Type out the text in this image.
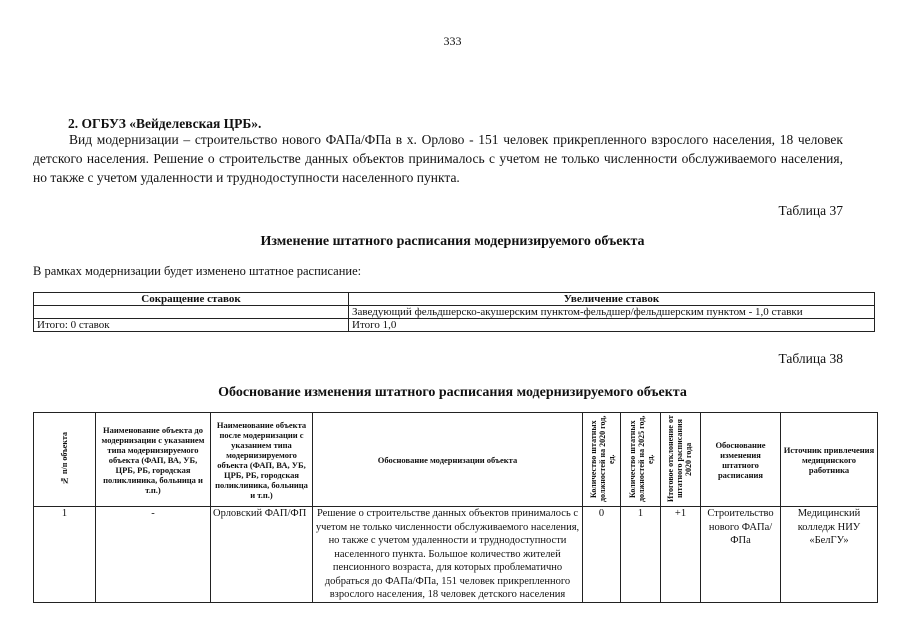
333
2. ОГБУЗ «Вейделевская ЦРБ».
Вид модернизации – строительство нового ФАПа/ФПа в х. Орлово - 151 человек прикрепленного взрослого населения, 18 человек детского населения. Решение о строительстве данных объектов принималось с учетом не только численности обслуживаемого населения, но также с учетом удаленности и труднодоступности населенного пункта.
Таблица 37
Изменение штатного расписания модернизируемого объекта
В рамках модернизации будет изменено штатное расписание:
Сокращение ставок	Увеличение ставок
	Заведующий фельдшерско-акушерским пунктом-фельдшер/фельдшерским пунктом - 1,0 ставки
Итого: 0 ставок	Итого 1,0
Таблица 38
Обоснование изменения штатного расписания модернизируемого объекта
№ п/п объекта	Наименование объекта до модернизации с указанием типа модернизируемого объекта (ФАП, ВА, УБ, ЦРБ, РБ, городская поликлиника, больница и т.п.)	Наименование объекта после модернизации с указанием типа модернизируемого объекта (ФАП, ВА, УБ, ЦРБ, РБ, городская поликлиника, больница и т.п.)	Обоснование модернизации объекта	Количество штатных должностей на 2020 год, ед.	Количество штатных должностей на 2025 год, ед.	Итоговое отклонение от штатного расписания 2020 года	Обоснование изменения штатного расписания	Источник привлечения медицинского работника
1	-	Орловский ФАП/ФП	Решение о строительстве данных объектов принималось с учетом не только численности обслуживаемого населения, но также с учетом удаленности и труднодоступности населенного пункта. Большое количество жителей пенсионного возраста, для которых проблематично добраться до ФАПа/ФПа, 151 человек прикрепленного взрослого населения, 18 человек детского населения	0	1	+1	Строительство нового ФАПа/ФПа	Медицинский колледж НИУ «БелГУ»
